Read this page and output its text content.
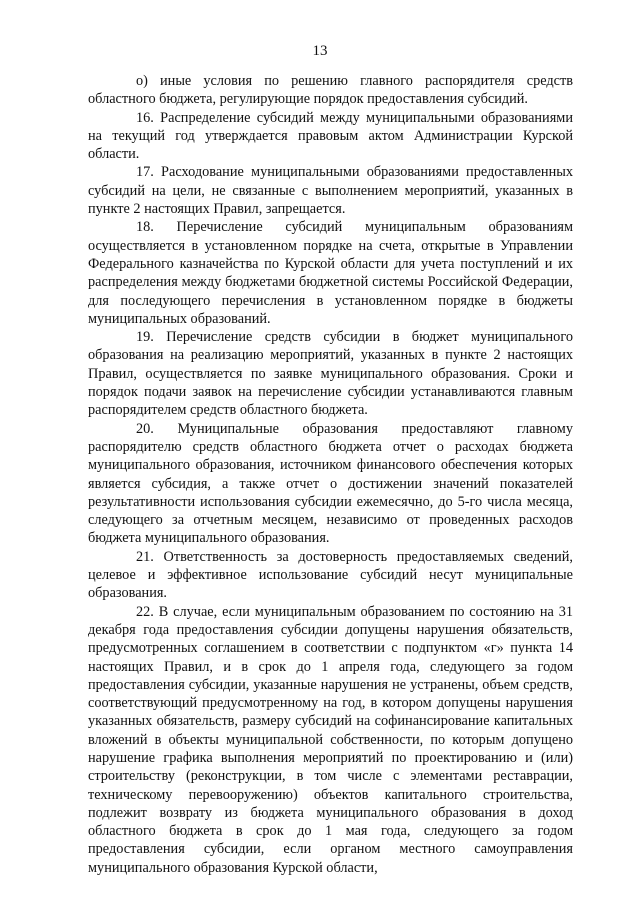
13

о) иные условия по решению главного распорядителя средств областного бюджета, регулирующие порядок предоставления субсидий.

16. Распределение субсидий между муниципальными образованиями на текущий год утверждается правовым актом Администрации Курской области.

17. Расходование муниципальными образованиями предоставленных субсидий на цели, не связанные с выполнением мероприятий, указанных в пункте 2 настоящих Правил, запрещается.

18. Перечисление субсидий муниципальным образованиям осуществляется в установленном порядке на счета, открытые в Управлении Федерального казначейства по Курской области для учета поступлений и их распределения между бюджетами бюджетной системы Российской Федерации, для последующего перечисления в установленном порядке в бюджеты муниципальных образований.

19. Перечисление средств субсидии в бюджет муниципального образования на реализацию мероприятий, указанных в пункте 2 настоящих Правил, осуществляется по заявке муниципального образования. Сроки и порядок подачи заявок на перечисление субсидии устанавливаются главным распорядителем средств областного бюджета.

20. Муниципальные образования предоставляют главному распорядителю средств областного бюджета отчет о расходах бюджета муниципального образования, источником финансового обеспечения которых является субсидия, а также отчет о достижении значений показателей результативности использования субсидии ежемесячно, до 5-го числа месяца, следующего за отчетным месяцем, независимо от проведенных расходов бюджета муниципального образования.

21. Ответственность за достоверность предоставляемых сведений, целевое и эффективное использование субсидий несут муниципальные образования.

22. В случае, если муниципальным образованием по состоянию на 31 декабря года предоставления субсидии допущены нарушения обязательств, предусмотренных соглашением в соответствии с подпунктом «г» пункта 14 настоящих Правил, и в срок до 1 апреля года, следующего за годом предоставления субсидии, указанные нарушения не устранены, объем средств, соответствующий предусмотренному на год, в котором допущены нарушения указанных обязательств, размеру субсидий на софинансирование капитальных вложений в объекты муниципальной собственности, по которым допущено нарушение графика выполнения мероприятий по проектированию и (или) строительству (реконструкции, в том числе с элементами реставрации, техническому перевооружению) объектов капитального строительства, подлежит возврату из бюджета муниципального образования в доход областного бюджета в срок до 1 мая года, следующего за годом предоставления субсидии, если органом местного самоуправления муниципального образования Курской области,
